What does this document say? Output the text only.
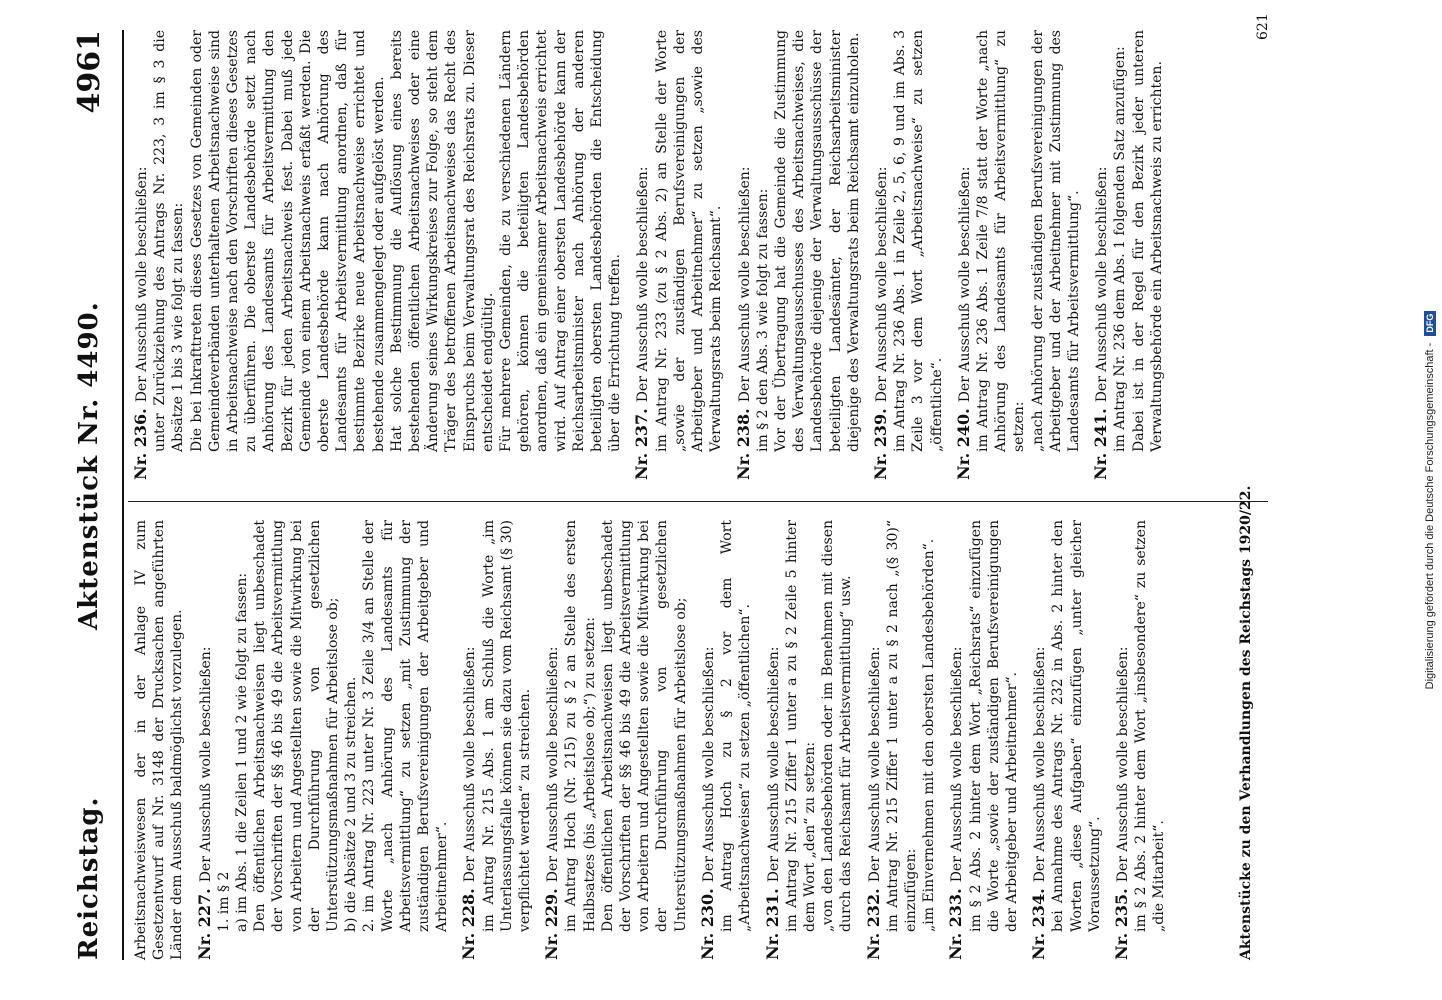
Reichstag.
Aktenstück Nr. 4490.
4961

Arbeitsnachweiswesen der in der Anlage IV zum Gesetzentwurf auf Nr. 3148 der Drucksachen angeführten Länder dem Ausschuß baldmöglichst vorzulegen. Nr. 227.Der Ausschuß wolle beschließen:

1. im § 2 a) im Abs. 1 die Zeilen 1 und 2 wie folgt zu fassen: Den öffentlichen Arbeitsnachweisen liegt unbeschadet der Vorschriften der §§ 46 bis 49 die Arbeitsvermittlung von Arbeitern und Angestellten sowie die Mitwirkung bei der Durchführung von gesetzlichen Unterstützungsmaßnahmen für Arbeitslose ob; b) die Absätze 2 und 3 zu streichen. 2. im Antrag Nr. 223 unter Nr. 3 Zeile 3/4 an Stelle der Worte „nach Anhörung des Landesamts für Arbeitsvermittlung“ zu setzen „mit Zustimmung der zuständigen Berufsvereinigungen der Arbeitgeber und Arbeitnehmer“. Nr. 228.Der Ausschuß wolle beschließen: im Antrag Nr. 215 Abs. 1 am Schluß die Worte „im Unterlassungsfalle können sie dazu vom Reichsamt (§ 30) verpflichtet werden“ zu streichen. Nr. 229.Der Ausschuß wolle beschließen: im Antrag Hoch (Nr. 215) zu § 2 an Stelle des ersten Halbsatzes (bis „Arbeitslose ob;“) zu setzen: Den öffentlichen Arbeitsnachweisen liegt unbeschadet der Vorschriften der §§ 46 bis 49 die Arbeitsvermittlung von Arbeitern und Angestellten sowie die Mitwirkung bei der Durchführung von gesetzlichen Unterstützungsmaßnahmen für Arbeitslose ob; Nr. 230.Der Ausschuß wolle beschließen: im Antrag Hoch zu § 2 vor dem Wort „Arbeitsnachweisen“ zu setzen „öffentlichen“. Nr. 231.Der Ausschuß wolle beschließen: im Antrag Nr. 215 Ziffer 1 unter a zu § 2 Zeile 5 hinter dem Wort „den“ zu setzen: „von den Landesbehörden oder im Benehmen mit diesen durch das Reichsamt für Arbeitsvermittlung“ usw. Nr. 232.Der Ausschuß wolle beschließen: im Antrag Nr. 215 Ziffer 1 unter a zu § 2 nach „(§ 30)“ einzufügen: „im Einvernehmen mit den obersten Landesbehörden“. Nr. 233.Der Ausschuß wolle beschließen: im § 2 Abs. 2 hinter dem Wort „Reichsrats“ einzufügen die Worte „sowie der zuständigen Berufsvereinigungen der Arbeitgeber und Arbeitnehmer“. Nr. 234.Der Ausschuß wolle beschließen: bei Annahme des Antrags Nr. 232 in Abs. 2 hinter den Worten „diese Aufgaben“ einzufügen „unter gleicher Voraussetzung“. Nr. 235.Der Ausschuß wolle beschließen: im § 2 Abs. 2 hinter dem Wort „insbesondere“ zu setzen „die Mitarbeit“.

Nr. 236.Der Ausschuß wolle beschließen: unter Zurückziehung des Antrags Nr. 223, 3 im § 3 die Absätze 1 bis 3 wie folgt zu fassen: Die bei Inkrafttreten dieses Gesetzes von Gemeinden oder Gemeindeverbänden unterhaltenen Arbeitsnachweise sind in Arbeitsnachweise nach den Vorschriften dieses Gesetzes zu überführen. Die oberste Landesbehörde setzt nach Anhörung des Landesamts für Arbeitsvermittlung den Bezirk für jeden Arbeitsnachweis fest. Dabei muß jede Gemeinde von einem Arbeitsnachweis erfaßt werden. Die oberste Landesbehörde kann nach Anhörung des Landesamts für Arbeitsvermittlung anordnen, daß für bestimmte Bezirke neue Arbeitsnachweise errichtet und bestehende zusammengelegt oder aufgelöst werden. Hat solche Bestimmung die Auflösung eines bereits bestehenden öffentlichen Arbeitsnachweises oder eine Änderung seines Wirkungskreises zur Folge, so steht dem Träger des betroffenen Arbeitsnachweises das Recht des Einspruchs beim Verwaltungsrat des Reichsrats zu. Dieser entscheidet endgültig. Für mehrere Gemeinden, die zu verschiedenen Ländern gehören, können die beteiligten Landesbehörden anordnen, daß ein gemeinsamer Arbeitsnachweis errichtet wird. Auf Antrag einer obersten Landesbehörde kann der Reichsarbeitsminister nach Anhörung der anderen beteiligten obersten Landesbehörden die Entscheidung über die Errichtung treffen. Nr. 237.Der Ausschuß wolle beschließen: im Antrag Nr. 233 (zu § 2 Abs. 2) an Stelle der Worte „sowie der zuständigen Berufsvereinigungen der Arbeitgeber und Arbeitnehmer“ zu setzen „sowie des Verwaltungsrats beim Reichsamt“. Nr. 238.Der Ausschuß wolle beschließen: im § 2 den Abs. 3 wie folgt zu fassen: Vor der Übertragung hat die Gemeinde die Zustimmung des Verwaltungsausschusses des Arbeitsnachweises, die Landesbehörde diejenige der Verwaltungsausschüsse der beteiligten Landesämter, der Reichsarbeitsminister diejenige des Verwaltungsrats beim Reichsamt einzuholen. Nr. 239.Der Ausschuß wolle beschließen: im Antrag Nr. 236 Abs. 1 in Zeile 2, 5, 6, 9 und im Abs. 3 Zeile 3 vor dem Wort „Arbeitsnachweise“ zu setzen „öffentliche“. Nr. 240.Der Ausschuß wolle beschließen: im Antrag Nr. 236 Abs. 1 Zeile 7/8 statt der Worte „nach Anhörung des Landesamts für Arbeitsvermittlung“ zu setzen: „nach Anhörung der zuständigen Berufsvereinigungen der Arbeitgeber und der Arbeitnehmer mit Zustimmung des Landesamts für Arbeitsvermittlung“. Nr. 241.Der Ausschuß wolle beschließen: im Antrag Nr. 236 dem Abs. 1 folgenden Satz anzufügen: Dabei ist in der Regel für den Bezirk jeder unteren Verwaltungsbehörde ein Arbeitsnachweis zu errichten.

Aktenstücke zu den Verhandlungen des Reichstags 1920/22.
621
Digitalisierung gefördert durch die Deutsche Forschungsgemeinschaft - DFG
